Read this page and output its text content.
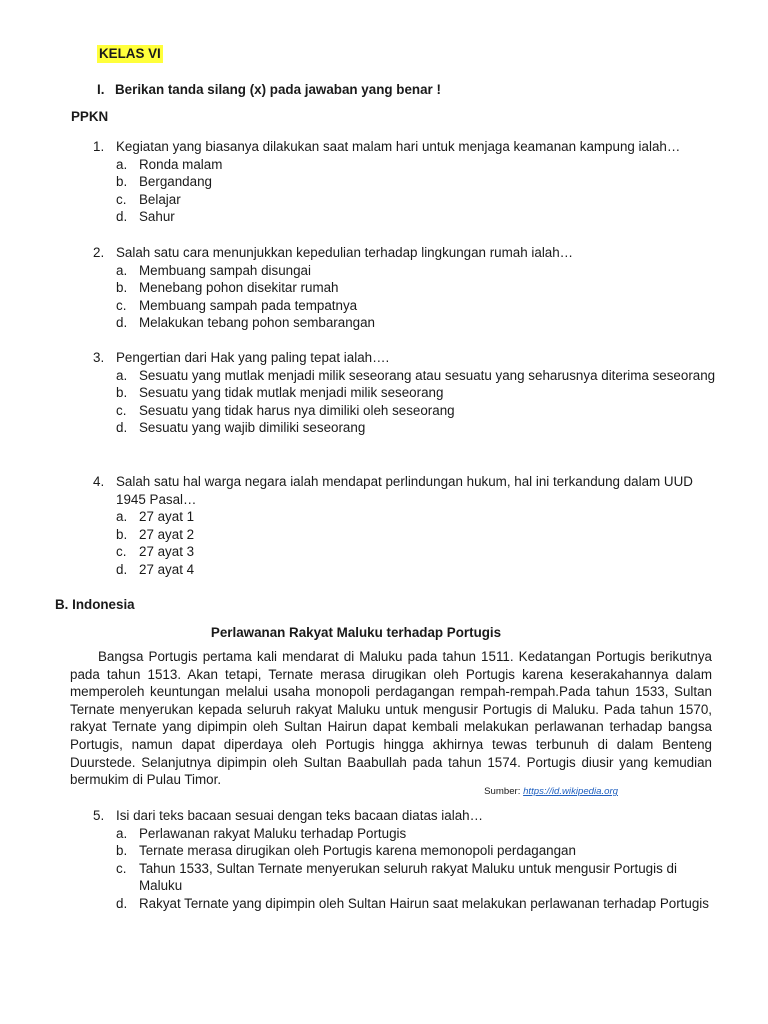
KELAS VI
I. Berikan tanda silang (x) pada jawaban yang benar !
PPKN
1. Kegiatan yang biasanya dilakukan saat malam hari untuk menjaga keamanan kampung ialah…
a. Ronda malam
b. Bergandang
c. Belajar
d. Sahur
2. Salah satu cara menunjukkan kepedulian terhadap lingkungan rumah ialah…
a. Membuang sampah disungai
b. Menebang pohon disekitar rumah
c. Membuang sampah pada tempatnya
d. Melakukan tebang pohon sembarangan
3. Pengertian dari Hak yang paling tepat ialah….
a. Sesuatu yang mutlak menjadi milik seseorang atau sesuatu yang seharusnya diterima seseorang
b. Sesuatu yang tidak mutlak menjadi milik seseorang
c. Sesuatu yang tidak harus nya dimiliki oleh seseorang
d. Sesuatu yang wajib dimiliki seseorang
4. Salah satu hal warga negara ialah mendapat perlindungan hukum, hal ini terkandung dalam UUD 1945 Pasal…
a. 27 ayat 1
b. 27 ayat 2
c. 27 ayat 3
d. 27 ayat 4
B. Indonesia
Perlawanan Rakyat Maluku terhadap Portugis
Bangsa Portugis pertama kali mendarat di Maluku pada tahun 1511. Kedatangan Portugis berikutnya pada tahun 1513. Akan tetapi, Ternate merasa dirugikan oleh Portugis karena keserakahannya dalam memperoleh keuntungan melalui usaha monopoli perdagangan rempah-rempah.Pada tahun 1533, Sultan Ternate menyerukan kepada seluruh rakyat Maluku untuk mengusir Portugis di Maluku. Pada tahun 1570, rakyat Ternate yang dipimpin oleh Sultan Hairun dapat kembali melakukan perlawanan terhadap bangsa Portugis, namun dapat diperdaya oleh Portugis hingga akhirnya tewas terbunuh di dalam Benteng Duurstede. Selanjutnya dipimpin oleh Sultan Baabullah pada tahun 1574. Portugis diusir yang kemudian bermukim di Pulau Timor.
Sumber: https://id.wikipedia.org
5. Isi dari teks bacaan sesuai dengan teks bacaan diatas ialah…
a. Perlawanan rakyat Maluku terhadap Portugis
b. Ternate merasa dirugikan oleh Portugis karena memonopoli perdagangan
c. Tahun 1533, Sultan Ternate menyerukan seluruh rakyat Maluku untuk mengusir Portugis di Maluku
d. Rakyat Ternate yang dipimpin oleh Sultan Hairun saat melakukan perlawanan terhadap Portugis
